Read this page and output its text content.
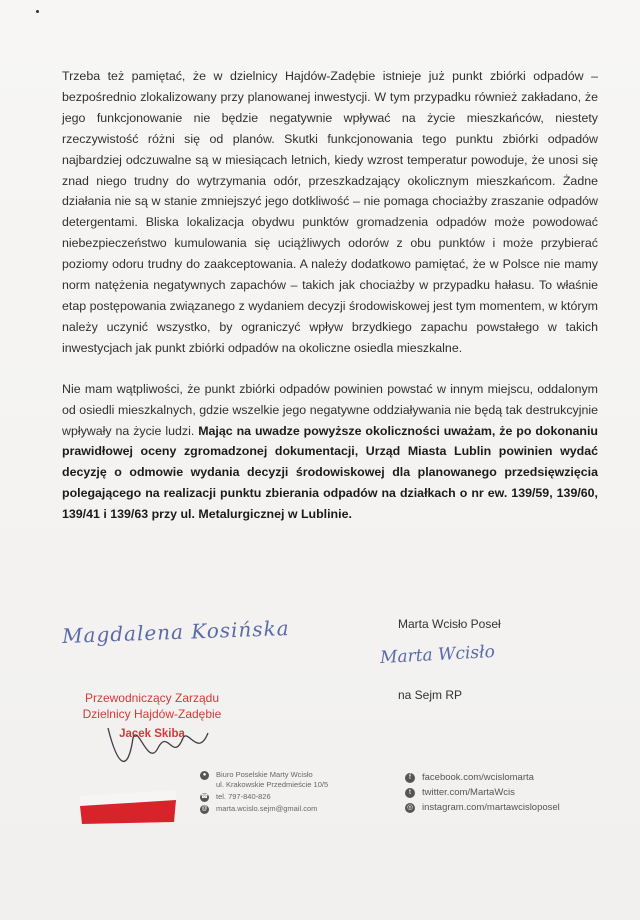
Trzeba też pamiętać, że w dzielnicy Hajdów-Zadębie istnieje już punkt zbiórki odpadów – bezpośrednio zlokalizowany przy planowanej inwestycji. W tym przypadku również zakładano, że jego funkcjonowanie nie będzie negatywnie wpływać na życie mieszkańców, niestety rzeczywistość różni się od planów. Skutki funkcjonowania tego punktu zbiórki odpadów najbardziej odczuwalne są w miesiącach letnich, kiedy wzrost temperatur powoduje, że unosi się znad niego trudny do wytrzymania odór, przeszkadzający okolicznym mieszkańcom. Żadne działania nie są w stanie zmniejszyć jego dotkliwość – nie pomaga chociażby zraszanie odpadów detergentami. Bliska lokalizacja obydwu punktów gromadzenia odpadów może powodować niebezpieczeństwo kumulowania się uciążliwych odorów z obu punktów i może przybierać poziomy odoru trudny do zaakceptowania. A należy dodatkowo pamiętać, że w Polsce nie mamy norm natężenia negatywnych zapachów – takich jak chociażby w przypadku hałasu. To właśnie etap postępowania związanego z wydaniem decyzji środowiskowej jest tym momentem, w którym należy uczynić wszystko, by ograniczyć wpływ brzydkiego zapachu powstałego w takich inwestycjach jak punkt zbiórki odpadów na okoliczne osiedla mieszkalne.

Nie mam wątpliwości, że punkt zbiórki odpadów powinien powstać w innym miejscu, oddalonym od osiedli mieszkalnych, gdzie wszelkie jego negatywne oddziaływania nie będą tak destrukcyjnie wpływały na życie ludzi. Mając na uwadze powyższe okoliczności uważam, że po dokonaniu prawidłowej oceny zgromadzonej dokumentacji, Urząd Miasta Lublin powinien wydać decyzję o odmowie wydania decyzji środowiskowej dla planowanego przedsięwzięcia polegającego na realizacji punktu zbierania odpadów na działkach o nr ew. 139/59, 139/60, 139/41 i 139/63 przy ul. Metalurgicznej w Lublinie.

Magdalena Kosińska	Marta Wcisło Poseł
Marta Wcisło
na Sejm RP
Przewodniczący Zarządu
Dzielnicy Hajdów-Zadębie
Jacek Skiba
●	Biuro Poselskie Marty Wcisło
ul. Krakowskie Przedmieście 10/5
☎ tel. 797-840-826
@ marta.wcislo.sejm@gmail.com
f	facebook.com/wcislomarta
t	twitter.com/MartaWcis
◎ instagram.com/martawcisloposel
